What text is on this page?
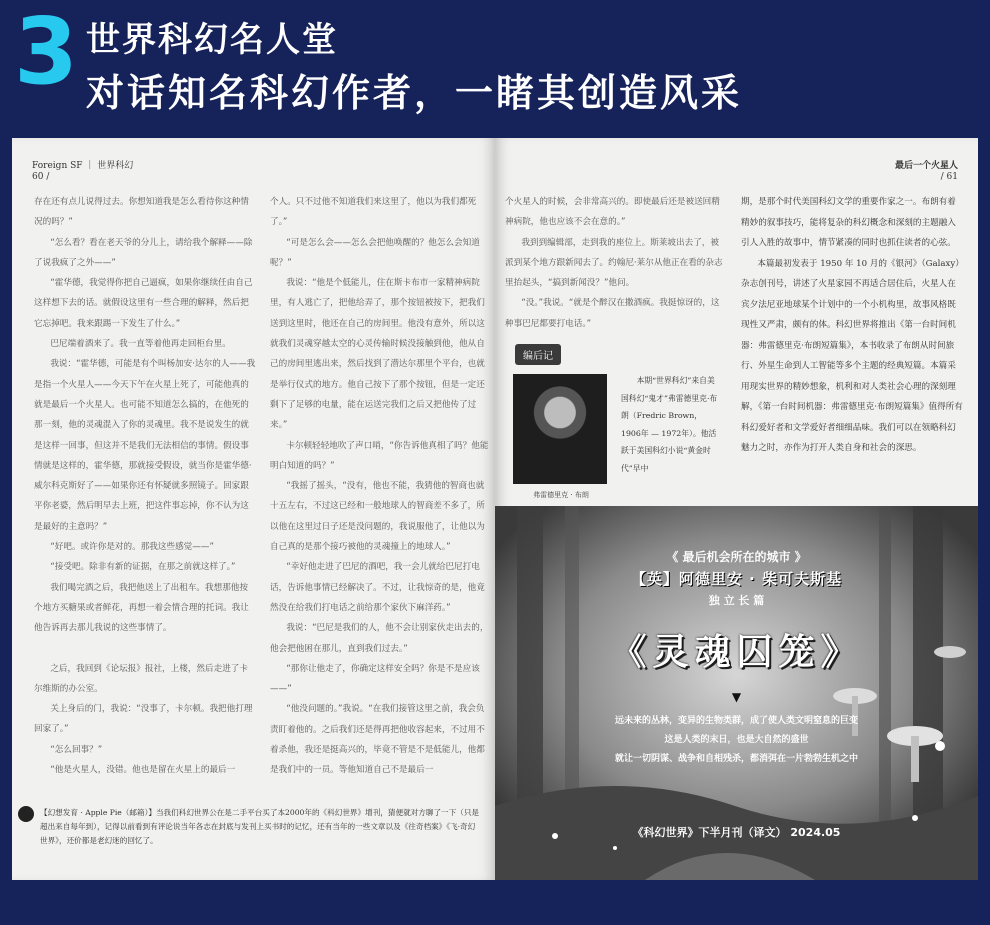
3 世界科幻名人堂
对话知名科幻作者，一睹其创造风采
Foreign SF ｜ 世界科幻
60 /

存在还有点儿说得过去。你想知道我是怎么看待你这种情况的吗？”

“怎么看？看在老天爷的分儿上，请给我个解释——除了说我疯了之外——”

“霍华德，我觉得你把自己逼疯，如果你继续任由自己这样想下去的话。就假设这里有一些合理的解释，然后把它忘掉吧。我来跟踢一下发生了什么。”

巴尼端着酒来了。我一直等着他再走回柜台里。

我说：“霍华德，可能是有个叫杨加安·达尔的人——我是指一个火星人——今天下午在火星上死了，可能他真的就是最后一个火星人。也可能不知道怎么搞的，在他死的那一刻，他的灵魂混入了你的灵魂里。我不是说发生的就是这样一回事，但这并不是我们无法相信的事情。假设事情就是这样的，霍华德，那就接受假设，就当你是霍华德·威尔科克斯好了——如果你还有怀疑就多照镜子。回家跟平你老婆，然后明早去上班，把这件事忘掉，你不认为这是最好的主意吗？”

“好吧。或许你是对的。那我这些感觉——”

“接受吧。除非有新的证据，在那之前就这样了。”

我们喝完酒之后，我把他送上了出租车。我想那他按个地方买糖果或者鲜花，再想一着会情合理的托词。我让他告诉再去那儿我说的这些事情了。

之后，我回到《论坛报》报社，上楼，然后走进了卡尔维斯的办公室。

关上身后的门，我说：“没事了，卡尔顿。我把他打理回家了。”

“怎么回事？”

“他是火星人，没错。他也是留在火星上的最后一

个人。只不过他不知道我们来这里了，他以为我们都死了。”

“可是怎么会——怎么会把他唤醒的？他怎么会知道呢？”

我说：“他是个低能儿，住在斯卡布市一家精神病院里，有人逃亡了，把他给弄了，那个按钮被按下，把我们送到这里时，他还在自己的房间里。他没有意外，所以这就我们灵魂穿越太空的心灵传输时候没接触到他，他从自己的房间里逃出来，然后找到了潜达尔那里个平台，也就是举行仪式的地方。他自己按下了那个按钮，但是一定还剩下了足够的电量，能在运送完我们之后又把他传了过来。”

卡尔顿轻轻地吹了声口哨，“你告诉他真相了吗？他能明白知道的吗？”

“我摇了摇头，“没有，他也不能，我猜他的智商也就十五左右，不过这已经和一般地球人的智商差不多了，所以他在这里过日子还是没问题的，我说服他了，让他以为自己真的是那个接巧被他的灵魂撞上的地球人。”

“幸好他走进了巴尼的酒吧，我一会儿就给巴尼打电话，告诉他事情已经解决了。不过，让我惊奇的是，他竟然没在给我们打电话之前给那个家伙下麻洋药。”

我说：“巴尼是我们的人，他不会让别家伙走出去的，他会把他困在那儿，直到我们过去。”

“那你让他走了，你确定这样安全吗？你是不是应该——”

“他没问题的。”我说。“在我们接管这里之前，我会负责盯着他的。之后我们还是得再把他收容起来，不过用不着杀他，我还是挺高兴的，毕竟不管是不是低能儿，他都是我们中的一员。等他知道自己不是最后一

【幻想发育 · Apple Pie（邮箱）】当我们科幻世界公在是二手平台买了本2000年的《科幻世界》增刊，猜便就对方聊了一下（只是超出来自每年到），记得以前看到有评论说当年各志在封底与发刊上买书时的记忆，还有当年的一些文章以及《往奇档案》《飞·奇幻世界》，还价都是老幻迷的回忆了。
最后一个火星人
/ 61

个火星人的时候，会非常高兴的。即使最后还是被送回精神病院，他也应该不会在意的。”

我到到编辑部，走到我的座位上。斯莱坡出去了，被派到某个地方跟新闻去了。约翰尼·莱尔从他正在看的杂志里抬起头，“搞到新闻没？”他问。

“没。”我说。“就是个醉汉在撒酒疯。我挺惊讶的，这种事巴尼都要打电话。”

期，是那个时代美国科幻文学的重要作家之一。布朗有着精妙的叙事技巧，能将复杂的科幻概念和深刻的主题融入引人入胜的故事中，情节紧凑的同时也抓住读者的心弦。

本篇最初发表于 1950 年 10 月的《银河》（Galaxy）杂志创刊号，讲述了火星家园不再适合居住后，火星人在宾夕法尼亚地球某个计划中的一个小机构里，故事风格既现性又严肃，颇有的体。科幻世界将推出《第一台时间机器：弗雷德里克·布朗短篇集》，本书收录了布朗从时间旅行、外星生命到人工智能等多个主题的经典短篇。本篇采用现实世界的精妙想象，机利和对人类社会心理的深刻理解，《第一台时间机器：弗雷德里克·布朗短篇集》值得所有科幻爱好者和文学爱好者细细品味。我们可以在领略科幻魅力之时，亦作为打开人类自身和社会的深思。

编后记
弗雷德里克 · 布朗
本期“世界科幻”来自美国科幻“鬼才”弗雷德里克·布朗（Fredric Brown，1906年 — 1972年）。他活跃于美国科幻小说“黄金时代”早中
《 最后机会所在的城市 》
【英】阿德里安 · 柴可夫斯基
独 立 长 篇
《灵魂囚笼》
▼
远未来的丛林，变异的生物类群，成了使人类文明窒息的巨变
这是人类的末日，也是大自然的盛世
就让一切阴谋、战争和自相残杀，都消弭在一片勃勃生机之中
《科幻世界》下半月刊（译文） 2024.05
